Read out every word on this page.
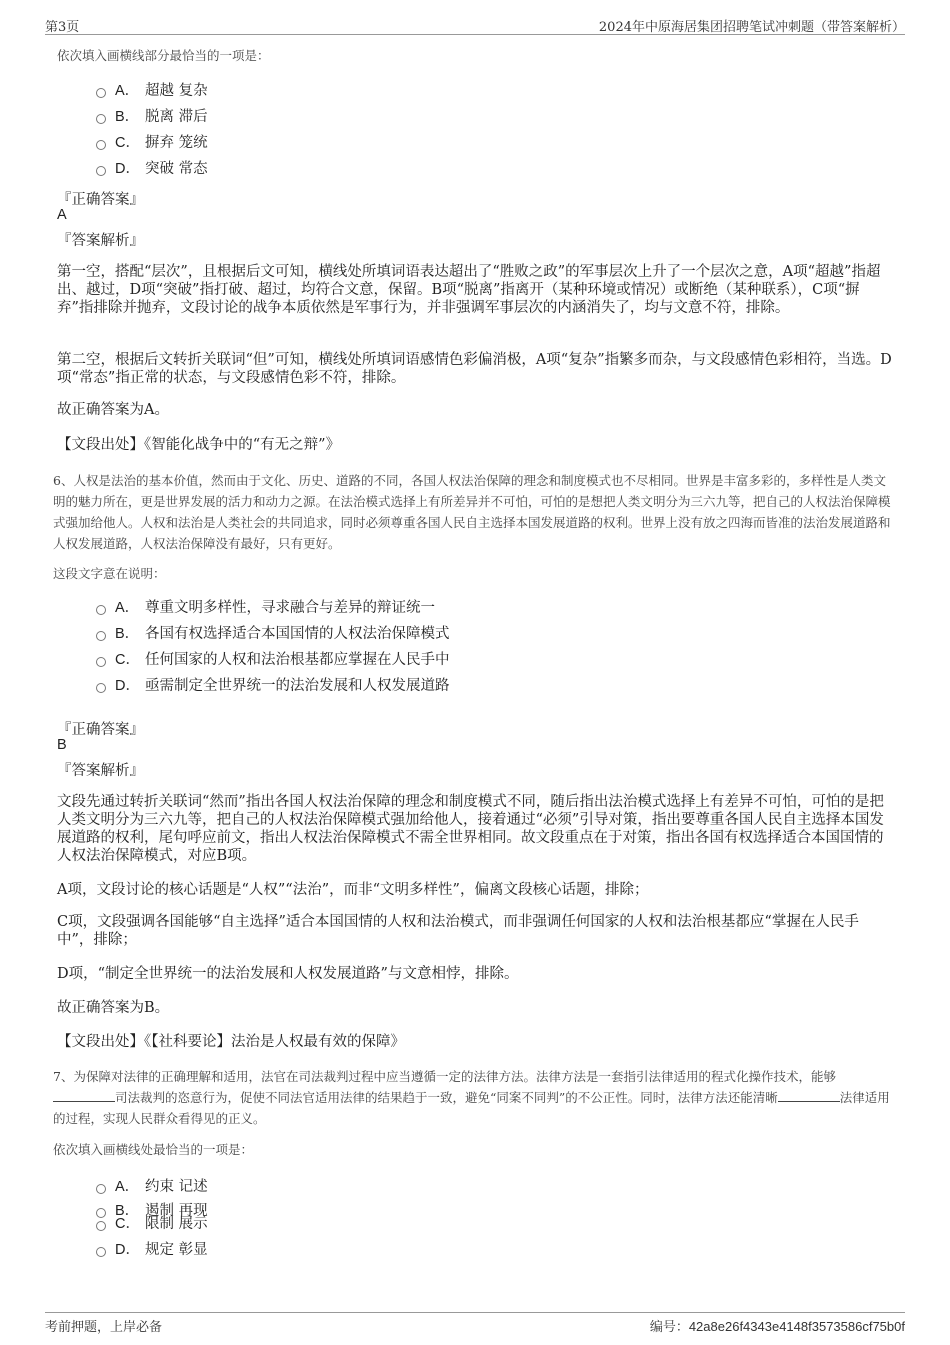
第3页	2024年中原海居集团招聘笔试冲刺题（带答案解析）
依次填入画横线部分最恰当的一项是：
A． 超越 复杂
B． 脱离 滞后
C． 摒弃 笼统
D． 突破 常态
『正确答案』
A
『答案解析』
第一空，搭配“层次”，且根据后文可知，横线处所填词语表达超出了“胜败之政”的军事层次上升了一个层次之意，A项“超越”指超出、越过，D项“突破”指打破、超过，均符合文意，保留。B项“脱离”指离开（某种环境或情况）或断绝（某种联系），C项“摒弃”指排除并抛弃，文段讨论的战争本质依然是军事行为，并非强调军事层次的内涵消失了，均与文意不符，排除。
第二空，根据后文转折关联词“但”可知，横线处所填词语感情色彩偏消极，A项“复杂”指繁多而杂，与文段感情色彩相符，当选。D项“常态”指正常的状态，与文段感情色彩不符，排除。
故正确答案为A。
【文段出处】《智能化战争中的“有无之辩”》
6、人权是法治的基本价值，然而由于文化、历史、道路的不同，各国人权法治保障的理念和制度模式也不尽相同。世界是丰富多彩的，多样性是人类文明的魅力所在，更是世界发展的活力和动力之源。在法治模式选择上有所差异并不可怕，可怕的是想把人类文明分为三六九等，把自己的人权法治保障模式强加给他人。人权和法治是人类社会的共同追求，同时必须尊重各国人民自主选择本国发展道路的权利。世界上没有放之四海而皆准的法治发展道路和人权发展道路，人权法治保障没有最好，只有更好。
这段文字意在说明：
A． 尊重文明多样性，寻求融合与差异的辩证统一
B． 各国有权选择适合本国国情的人权法治保障模式
C． 任何国家的人权和法治根基都应掌握在人民手中
D． 亟需制定全世界统一的法治发展和人权发展道路
『正确答案』
B
『答案解析』
文段先通过转折关联词“然而”指出各国人权法治保障的理念和制度模式不同，随后指出法治模式选择上有差异不可怕，可怕的是把人类文明分为三六九等，把自己的人权法治保障模式强加给他人，接着通过“必须”引导对策，指出要尊重各国人民自主选择本国发展道路的权利，尾句呼应前文，指出人权法治保障模式不需全世界相同。故文段重点在于对策，指出各国有权选择适合本国国情的人权法治保障模式，对应B项。
A项，文段讨论的核心话题是“人权”“法治”，而非“文明多样性”，偏离文段核心话题，排除；
C项，文段强调各国能够“自主选择”适合本国国情的人权和法治模式，而非强调任何国家的人权和法治根基都应“掌握在人民手中”，排除；
D项，“制定全世界统一的法治发展和人权发展道路”与文意相悖，排除。
故正确答案为B。
【文段出处】《【社科要论】法治是人权最有效的保障》
7、为保障对法律的正确理解和适用，法官在司法裁判过程中应当遵循一定的法律方法。法律方法是一套指引法律适用的程式化操作技术，能够司法裁判的恣意行为，促使不同法官适用法律的结果趋于一致，避免“同案不同判”的不公正性。同时，法律方法还能清晰	法律适用的过程，实现人民群众看得见的正义。
依次填入画横线处最恰当的一项是：
A． 约束 记述
B． 遏制 再现
C． 限制 展示
D． 规定 彰显
考前押题，上岸必备	编号：42a8e26f4343e4148f3573586cf75b0f
